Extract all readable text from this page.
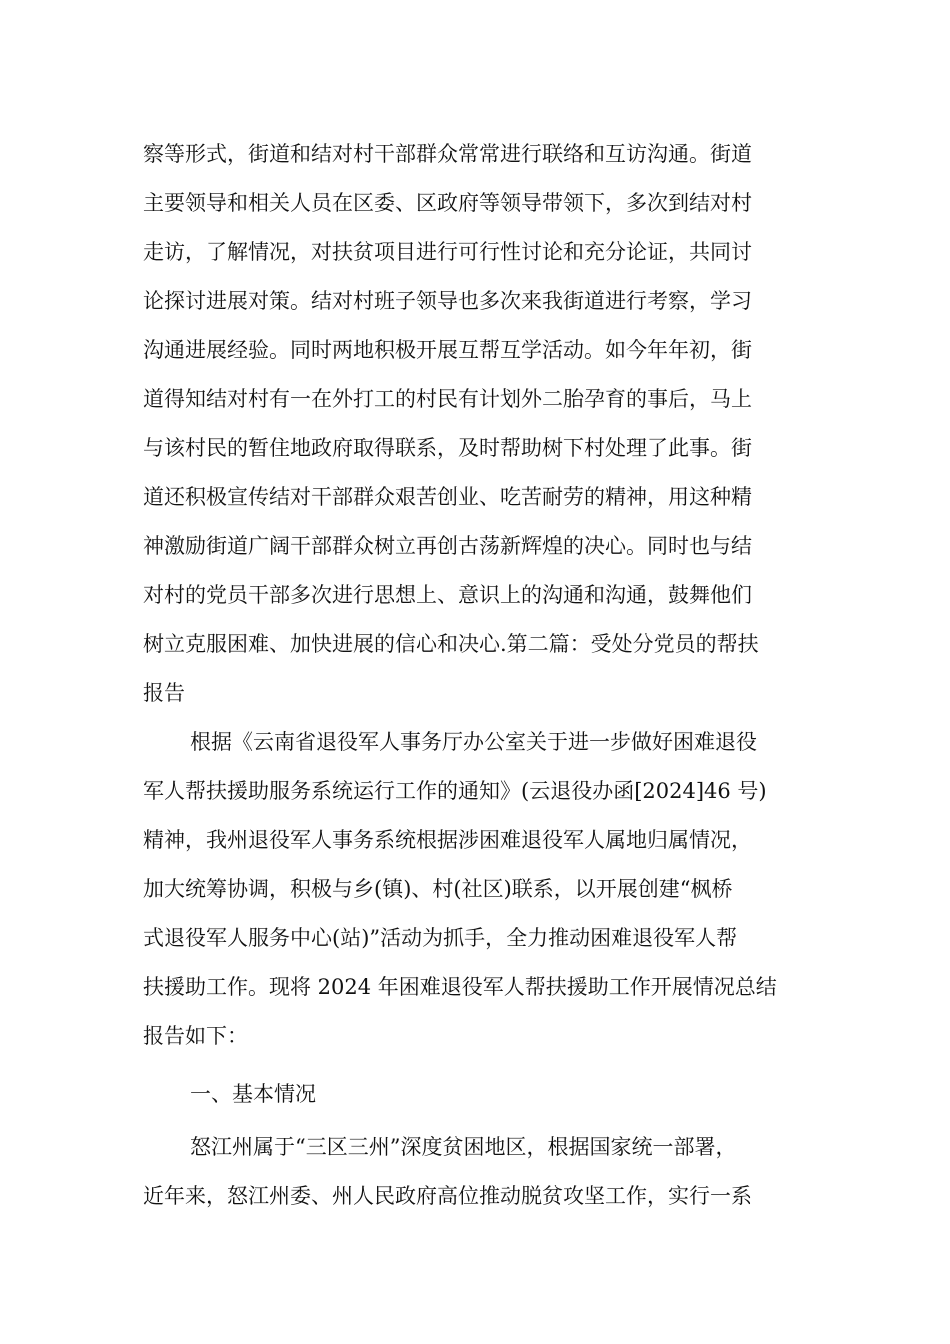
察等形式，街道和结对村干部群众常常进行联络和互访沟通。街道
主要领导和相关人员在区委、区政府等领导带领下，多次到结对村
走访，了解情况，对扶贫项目进行可行性讨论和充分论证，共同讨
论探讨进展对策。结对村班子领导也多次来我街道进行考察，学习
沟通进展经验。同时两地积极开展互帮互学活动。如今年年初，街
道得知结对村有一在外打工的村民有计划外二胎孕育的事后，马上
与该村民的暂住地政府取得联系，及时帮助树下村处理了此事。街
道还积极宣传结对干部群众艰苦创业、吃苦耐劳的精神，用这种精
神激励街道广阔干部群众树立再创古荡新辉煌的决心。同时也与结
对村的党员干部多次进行思想上、意识上的沟通和沟通，鼓舞他们
树立克服困难、加快进展的信心和决心.第二篇：受处分党员的帮扶
报告
根据《云南省退役军人事务厅办公室关于进一步做好困难退役
军人帮扶援助服务系统运行工作的通知》(云退役办函[2024]46 号)
精神，我州退役军人事务系统根据涉困难退役军人属地归属情况，
加大统筹协调，积极与乡(镇)、村(社区)联系，以开展创建“枫桥
式退役军人服务中心(站)”活动为抓手，全力推动困难退役军人帮
扶援助工作。现将 2024 年困难退役军人帮扶援助工作开展情况总结
报告如下：
一、基本情况
怒江州属于“三区三州”深度贫困地区，根据国家统一部署，
近年来，怒江州委、州人民政府高位推动脱贫攻坚工作，实行一系
